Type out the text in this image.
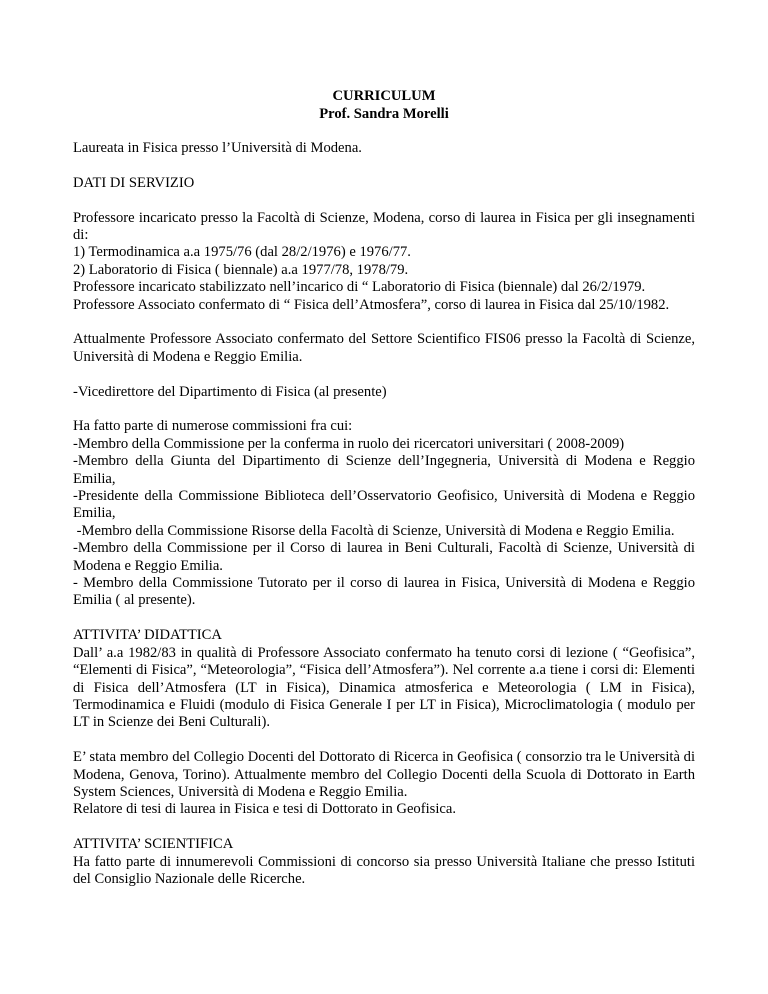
CURRICULUM
Prof. Sandra Morelli

Laureata in Fisica presso l’Università di Modena.

DATI DI SERVIZIO

Professore incaricato presso la Facoltà di Scienze, Modena, corso di laurea in Fisica per gli insegnamenti di:
1) Termodinamica a.a 1975/76 (dal 28/2/1976) e 1976/77.
2) Laboratorio di Fisica ( biennale) a.a 1977/78, 1978/79.
Professore incaricato stabilizzato nell’incarico di “ Laboratorio di Fisica (biennale) dal 26/2/1979.
Professore Associato confermato di “ Fisica dell’Atmosfera”, corso di laurea in Fisica dal 25/10/1982.

Attualmente Professore Associato confermato del Settore Scientifico FIS06 presso la Facoltà di Scienze, Università di Modena e Reggio Emilia.

-Vicedirettore del Dipartimento di Fisica (al presente)

Ha fatto parte di numerose commissioni fra cui:
-Membro della Commissione per la conferma in ruolo dei ricercatori universitari ( 2008-2009)
-Membro della Giunta del Dipartimento di Scienze dell’Ingegneria, Università di Modena e Reggio Emilia,
-Presidente della Commissione Biblioteca dell’Osservatorio Geofisico, Università di Modena e Reggio Emilia,
-Membro della Commissione Risorse della Facoltà di Scienze, Università di Modena e Reggio Emilia.
-Membro della Commissione per il Corso di laurea in Beni Culturali, Facoltà di Scienze, Università di Modena e Reggio Emilia.
- Membro della Commissione Tutorato per il corso di laurea in Fisica, Università di Modena e Reggio Emilia ( al presente).
ATTIVITA’ DIDATTICA
Dall’ a.a 1982/83 in qualità di Professore Associato confermato ha tenuto corsi di lezione ( “Geofisica”, “Elementi di Fisica”, “Meteorologia”, “Fisica dell’Atmosfera”). Nel corrente a.a tiene i corsi di: Elementi di Fisica dell’Atmosfera (LT in Fisica), Dinamica atmosferica e Meteorologia ( LM in Fisica), Termodinamica e Fluidi (modulo di Fisica Generale I per LT in Fisica), Microclimatologia ( modulo per LT in Scienze dei Beni Culturali).
E’ stata membro del Collegio Docenti del Dottorato di Ricerca in Geofisica ( consorzio tra le Università di Modena, Genova, Torino). Attualmente membro del Collegio Docenti della Scuola di Dottorato in Earth System Sciences, Università di Modena e Reggio Emilia.
Relatore di tesi di laurea in Fisica e tesi di Dottorato in Geofisica.
ATTIVITA’ SCIENTIFICA
Ha fatto parte di innumerevoli Commissioni di concorso sia presso Università Italiane che presso Istituti del Consiglio Nazionale delle Ricerche.
